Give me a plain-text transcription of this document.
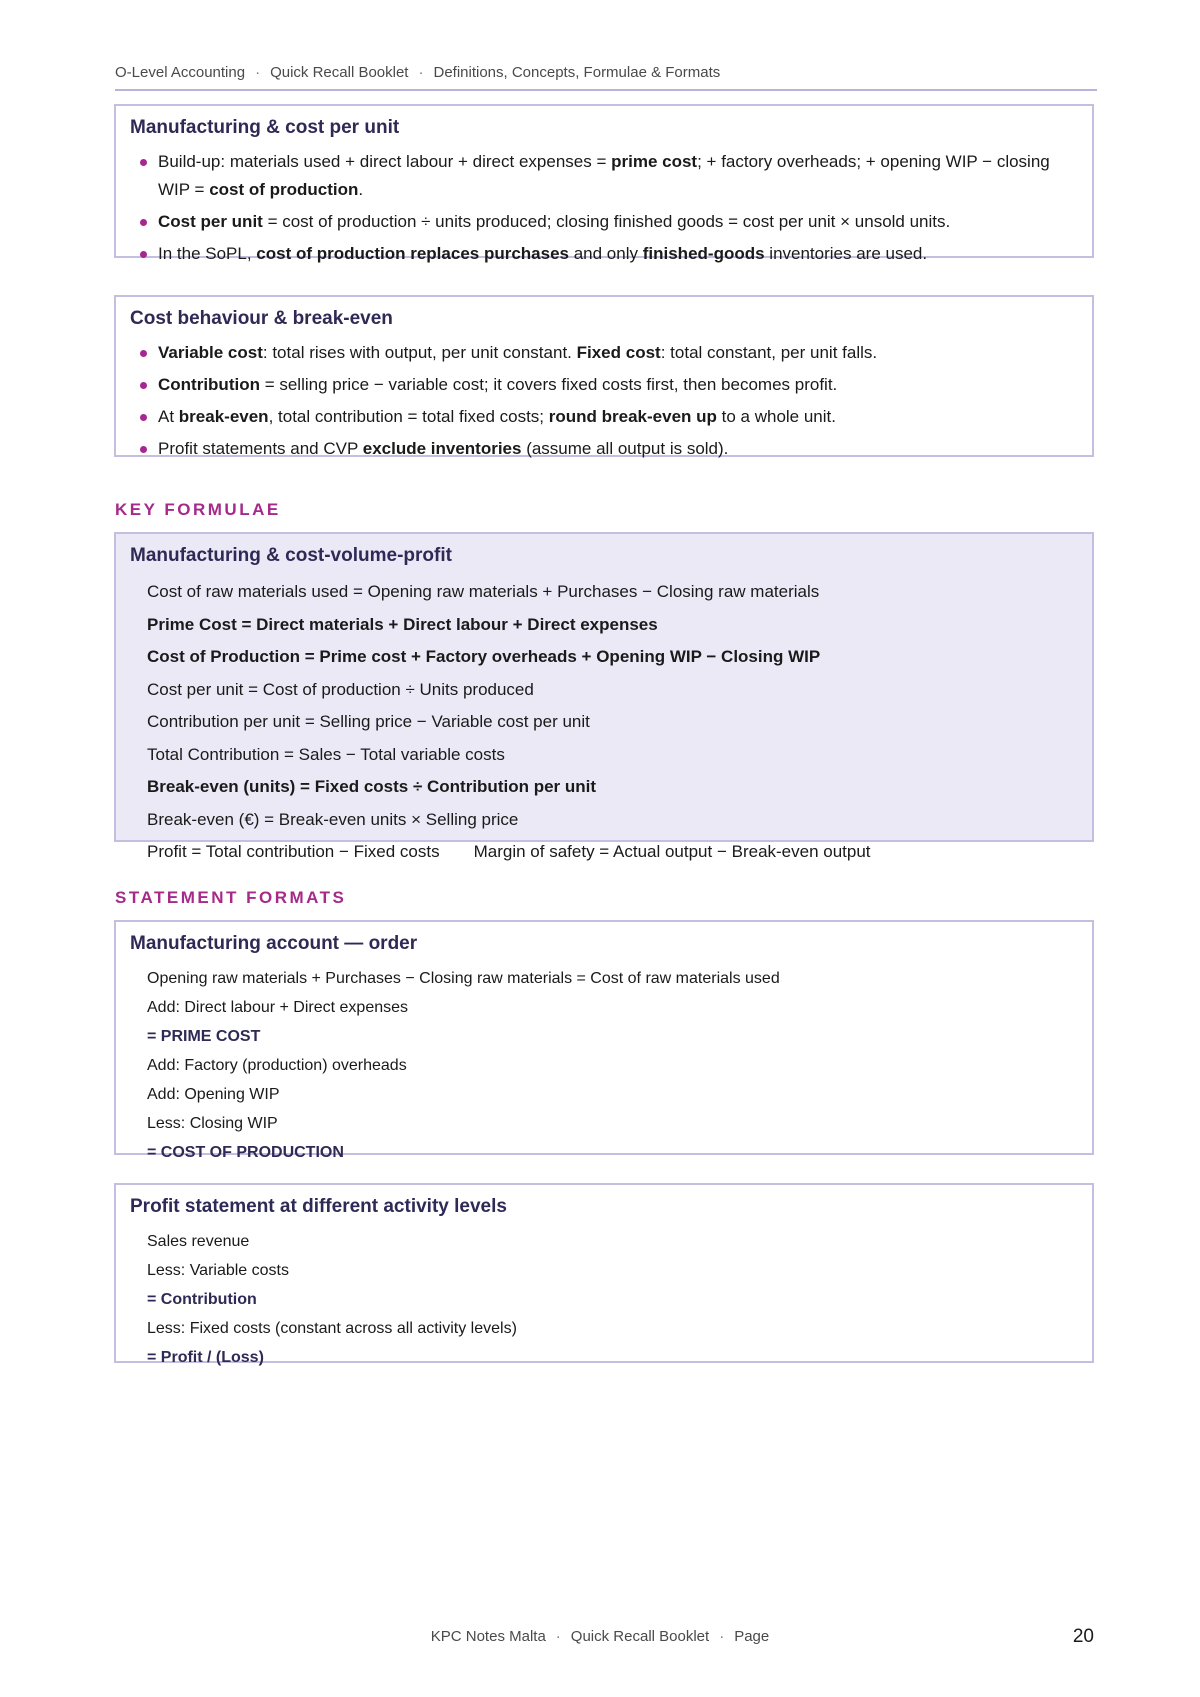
O-Level Accounting · Quick Recall Booklet · Definitions, Concepts, Formulae & Formats
Manufacturing & cost per unit
Build-up: materials used + direct labour + direct expenses = prime cost; + factory overheads; + opening WIP − closing WIP = cost of production.
Cost per unit = cost of production ÷ units produced; closing finished goods = cost per unit × unsold units.
In the SoPL, cost of production replaces purchases and only finished-goods inventories are used.
Cost behaviour & break-even
Variable cost: total rises with output, per unit constant. Fixed cost: total constant, per unit falls.
Contribution = selling price − variable cost; it covers fixed costs first, then becomes profit.
At break-even, total contribution = total fixed costs; round break-even up to a whole unit.
Profit statements and CVP exclude inventories (assume all output is sold).
KEY FORMULAE
Manufacturing & cost-volume-profit
Cost of raw materials used = Opening raw materials + Purchases − Closing raw materials
Prime Cost = Direct materials + Direct labour + Direct expenses
Cost of Production = Prime cost + Factory overheads + Opening WIP − Closing WIP
Cost per unit = Cost of production ÷ Units produced
Contribution per unit = Selling price − Variable cost per unit
Total Contribution = Sales − Total variable costs
Break-even (units) = Fixed costs ÷ Contribution per unit
Break-even (€) = Break-even units × Selling price
Profit = Total contribution − Fixed costs Margin of safety = Actual output − Break-even output
STATEMENT FORMATS
Manufacturing account — order
Opening raw materials + Purchases − Closing raw materials = Cost of raw materials used
Add: Direct labour + Direct expenses
= PRIME COST
Add: Factory (production) overheads
Add: Opening WIP
Less: Closing WIP
= COST OF PRODUCTION
Profit statement at different activity levels
Sales revenue
Less: Variable costs
= Contribution
Less: Fixed costs (constant across all activity levels)
= Profit / (Loss)
KPC Notes Malta · Quick Recall Booklet · Page	20
